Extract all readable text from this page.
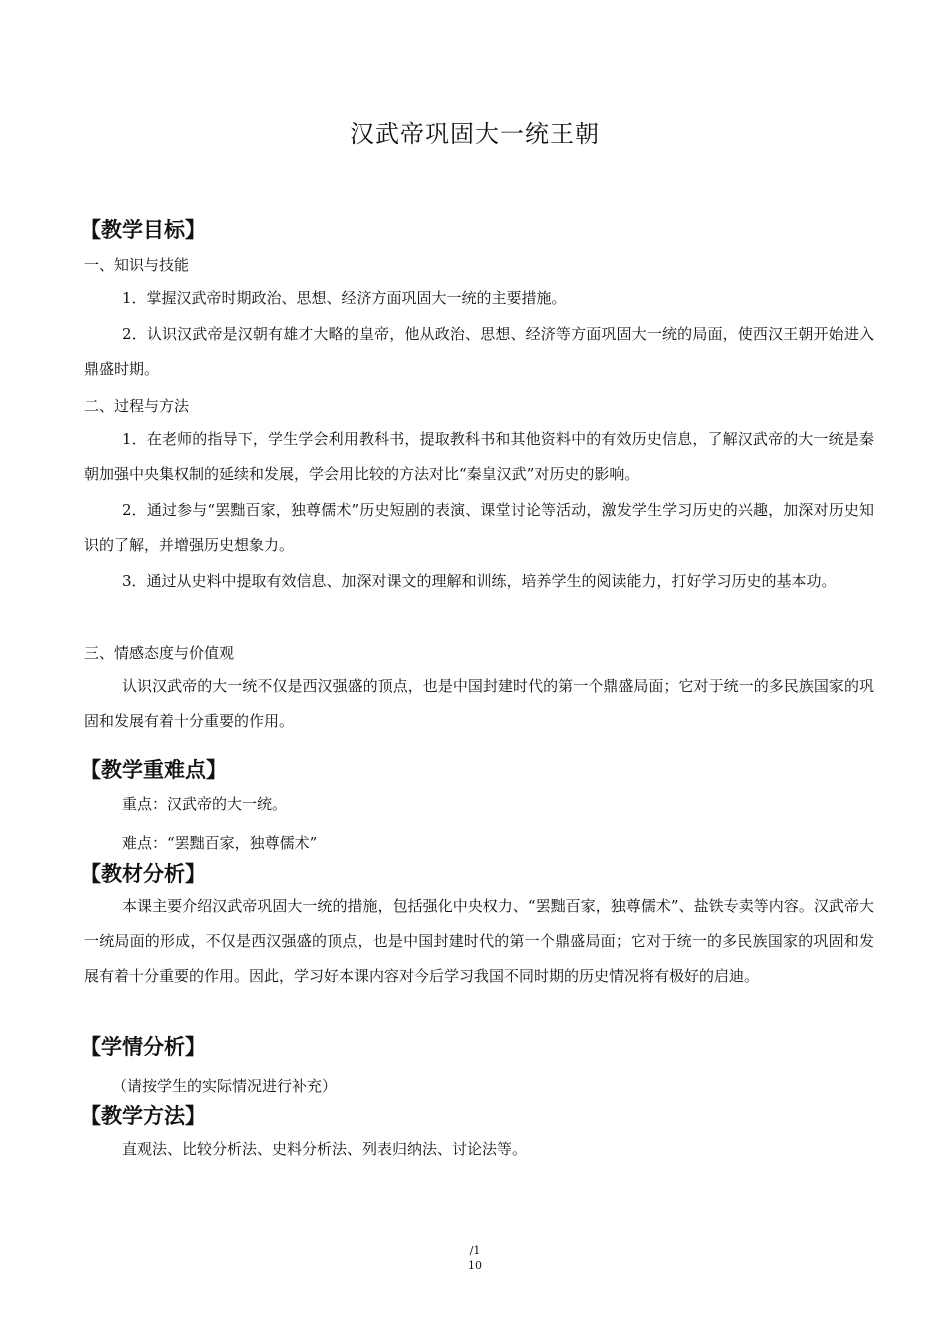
汉武帝巩固大一统王朝
【教学目标】
一、知识与技能
1．掌握汉武帝时期政治、思想、经济方面巩固大一统的主要措施。
2．认识汉武帝是汉朝有雄才大略的皇帝，他从政治、思想、经济等方面巩固大一统的局面，使西汉王朝开始进入鼎盛时期。
二、过程与方法
1．在老师的指导下，学生学会利用教科书，提取教科书和其他资料中的有效历史信息，了解汉武帝的大一统是秦朝加强中央集权制的延续和发展，学会用比较的方法对比“秦皇汉武”对历史的影响。
2．通过参与“罢黜百家，独尊儒术”历史短剧的表演、课堂讨论等活动，激发学生学习历史的兴趣，加深对历史知识的了解，并增强历史想象力。
3．通过从史料中提取有效信息、加深对课文的理解和训练，培养学生的阅读能力，打好学习历史的基本功。
三、情感态度与价值观
认识汉武帝的大一统不仅是西汉强盛的顶点，也是中国封建时代的第一个鼎盛局面；它对于统一的多民族国家的巩固和发展有着十分重要的作用。
【教学重难点】
重点：汉武帝的大一统。
难点：“罢黜百家，独尊儒术”
【教材分析】
本课主要介绍汉武帝巩固大一统的措施，包括强化中央权力、“罢黜百家，独尊儒术”、盐铁专卖等内容。汉武帝大一统局面的形成，不仅是西汉强盛的顶点，也是中国封建时代的第一个鼎盛局面；它对于统一的多民族国家的巩固和发展有着十分重要的作用。因此，学习好本课内容对今后学习我国不同时期的历史情况将有极好的启迪。
【学情分析】
（请按学生的实际情况进行补充）
【教学方法】
直观法、比较分析法、史料分析法、列表归纳法、讨论法等。
/1
10
